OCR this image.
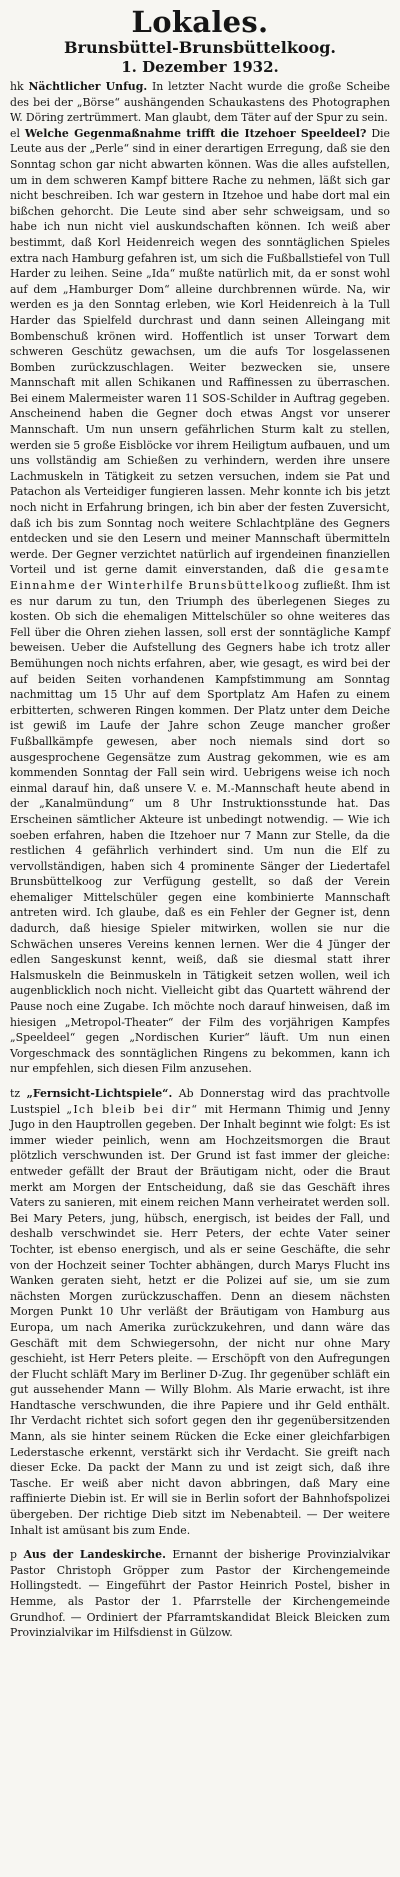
Lokales.
Brunsbüttel-Brunsbüttelkoog.
1. Dezember 1932.

hk Nächtlicher Unfug. In letzter Nacht wurde die große Scheibe des bei der „Börse“ aushängenden Schaukastens des Photographen W. Döring zertrümmert. Man glaubt, dem Täter auf der Spur zu sein.

el Welche Gegenmaßnahme trifft die Itzehoer Speeldeel? Die Leute aus der „Perle“ sind in einer derartigen Erregung, daß sie den Sonntag schon gar nicht abwarten können. Was die alles aufstellen, um in dem schweren Kampf bittere Rache zu nehmen, läßt sich gar nicht beschreiben. Ich war gestern in Itzehoe und habe dort mal ein bißchen gehorcht. Die Leute sind aber sehr schweigsam, und so habe ich nun nicht viel auskundschaften können. Ich weiß aber bestimmt, daß Korl Heidenreich wegen des sonntäglichen Spieles extra nach Hamburg gefahren ist, um sich die Fußballstiefel von Tull Harder zu leihen. Seine „Ida“ mußte natürlich mit, da er sonst wohl auf dem „Hamburger Dom“ alleine durchbrennen würde. Na, wir werden es ja den Sonntag erleben, wie Korl Heidenreich à la Tull Harder das Spielfeld durchrast und dann seinen Alleingang mit Bombenschuß krönen wird. Hoffentlich ist unser Torwart dem schweren Geschütz gewachsen, um die aufs Tor losgelassenen Bomben zurückzuschlagen. Weiter bezwecken sie, unsere Mannschaft mit allen Schikanen und Raffinessen zu überraschen. Bei einem Malermeister waren 11 SOS-Schilder in Auftrag gegeben. Anscheinend haben die Gegner doch etwas Angst vor unserer Mannschaft. Um nun unsern gefährlichen Sturm kalt zu stellen, werden sie 5 große Eisblöcke vor ihrem Heiligtum aufbauen, und um uns vollständig am Schießen zu verhindern, werden ihre unsere Lachmuskeln in Tätigkeit zu setzen versuchen, indem sie Pat und Patachon als Verteidiger fungieren lassen. Mehr konnte ich bis jetzt noch nicht in Erfahrung bringen, ich bin aber der festen Zuversicht, daß ich bis zum Sonntag noch weitere Schlachtpläne des Gegners entdecken und sie den Lesern und meiner Mannschaft übermitteln werde. Der Gegner verzichtet natürlich auf irgendeinen finanziellen Vorteil und ist gerne damit einverstanden, daß die gesamte Einnahme der Winterhilfe Brunsbüttelkoog zufließt. Ihm ist es nur darum zu tun, den Triumph des überlegenen Sieges zu kosten. Ob sich die ehemaligen Mittelschüler so ohne weiteres das Fell über die Ohren ziehen lassen, soll erst der sonntägliche Kampf beweisen. Ueber die Aufstellung des Gegners habe ich trotz aller Bemühungen noch nichts erfahren, aber, wie gesagt, es wird bei der auf beiden Seiten vorhandenen Kampfstimmung am Sonntag nachmittag um 15 Uhr auf dem Sportplatz Am Hafen zu einem erbitterten, schweren Ringen kommen. Der Platz unter dem Deiche ist gewiß im Laufe der Jahre schon Zeuge mancher großer Fußballkämpfe gewesen, aber noch niemals sind dort so ausgesprochene Gegensätze zum Austrag gekommen, wie es am kommenden Sonntag der Fall sein wird. Uebrigens weise ich noch einmal darauf hin, daß unsere V. e. M.-Mannschaft heute abend in der „Kanalmündung“ um 8 Uhr Instruktionsstunde hat. Das Erscheinen sämtlicher Akteure ist unbedingt notwendig. — Wie ich soeben erfahren, haben die Itzehoer nur 7 Mann zur Stelle, da die restlichen 4 gefährlich verhindert sind. Um nun die Elf zu vervollständigen, haben sich 4 prominente Sänger der Liedertafel Brunsbüttelkoog zur Verfügung gestellt, so daß der Verein ehemaliger Mittelschüler gegen eine kombinierte Mannschaft antreten wird. Ich glaube, daß es ein Fehler der Gegner ist, denn dadurch, daß hiesige Spieler mitwirken, wollen sie nur die Schwächen unseres Vereins kennen lernen. Wer die 4 Jünger der edlen Sangeskunst kennt, weiß, daß sie diesmal statt ihrer Halsmuskeln die Beinmuskeln in Tätigkeit setzen wollen, weil ich augenblicklich noch nicht. Vielleicht gibt das Quartett während der Pause noch eine Zugabe. Ich möchte noch darauf hinweisen, daß im hiesigen „Metropol-Theater“ der Film des vorjährigen Kampfes „Speeldeel“ gegen „Nordischen Kurier“ läuft. Um nun einen Vorgeschmack des sonntäglichen Ringens zu bekommen, kann ich nur empfehlen, sich diesen Film anzusehen.

tz „Fernsicht-Lichtspiele“. Ab Donnerstag wird das prachtvolle Lustspiel „Ich bleib bei dir“ mit Hermann Thimig und Jenny Jugo in den Hauptrollen gegeben. Der Inhalt beginnt wie folgt: Es ist immer wieder peinlich, wenn am Hochzeitsmorgen die Braut plötzlich verschwunden ist. Der Grund ist fast immer der gleiche: entweder gefällt der Braut der Bräutigam nicht, oder die Braut merkt am Morgen der Entscheidung, daß sie das Geschäft ihres Vaters zu sanieren, mit einem reichen Mann verheiratet werden soll. Bei Mary Peters, jung, hübsch, energisch, ist beides der Fall, und deshalb verschwindet sie. Herr Peters, der echte Vater seiner Tochter, ist ebenso energisch, und als er seine Geschäfte, die sehr von der Hochzeit seiner Tochter abhängen, durch Marys Flucht ins Wanken geraten sieht, hetzt er die Polizei auf sie, um sie zum nächsten Morgen zurückzuschaffen. Denn an diesem nächsten Morgen Punkt 10 Uhr verläßt der Bräutigam von Hamburg aus Europa, um nach Amerika zurückzukehren, und dann wäre das Geschäft mit dem Schwiegersohn, der nicht nur ohne Mary geschieht, ist Herr Peters pleite. — Erschöpft von den Aufregungen der Flucht schläft Mary im Berliner D-Zug. Ihr gegenüber schläft ein gut aussehender Mann — Willy Blohm. Als Marie erwacht, ist ihre Handtasche verschwunden, die ihre Papiere und ihr Geld enthält. Ihr Verdacht richtet sich sofort gegen den ihr gegenübersitzenden Mann, als sie hinter seinem Rücken die Ecke einer gleichfarbigen Lederstasche erkennt, verstärkt sich ihr Verdacht. Sie greift nach dieser Ecke. Da packt der Mann zu und ist zeigt sich, daß ihre Tasche. Er weiß aber nicht davon abbringen, daß Mary eine raffinierte Diebin ist. Er will sie in Berlin sofort der Bahnhofspolizei übergeben. Der richtige Dieb sitzt im Nebenabteil. — Der weitere Inhalt ist amüsant bis zum Ende.

p Aus der Landeskirche. Ernannt der bisherige Provinzialvikar Pastor Christoph Gröpper zum Pastor der Kirchengemeinde Hollingstedt. — Eingeführt der Pastor Heinrich Postel, bisher in Hemme, als Pastor der 1. Pfarrstelle der Kirchengemeinde Grundhof. — Ordiniert der Pfarramtskandidat Bleick Bleicken zum Provinzialvikar im Hilfsdienst in Gülzow.
